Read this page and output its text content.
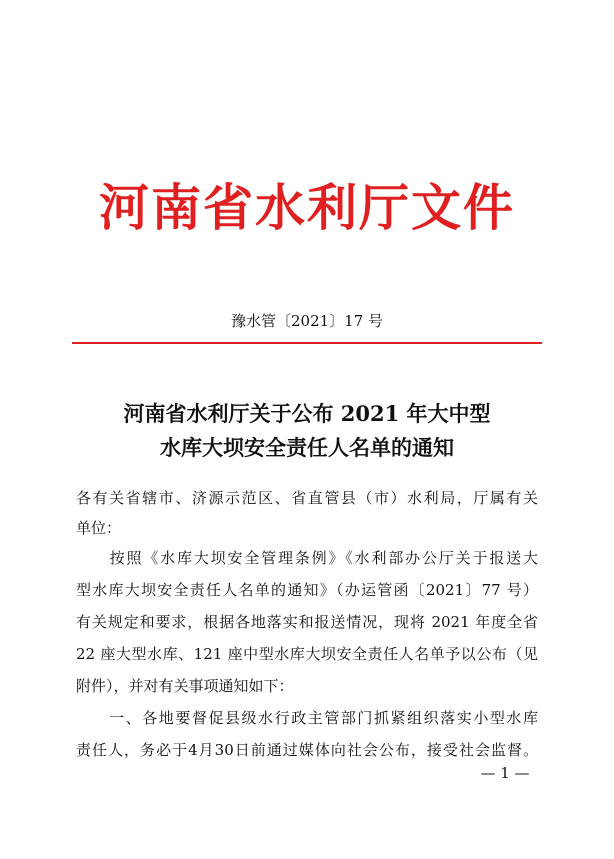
河南省水利厅文件
豫水管〔2021〕17 号
河南省水利厅关于公布 2021 年大中型
水库大坝安全责任人名单的通知
各有关省辖市、济源示范区、省直管县（市）水利局，厅属有关
单位：
　　按照《水库大坝安全管理条例》《水利部办公厅关于报送大
型水库大坝安全责任人名单的通知》（办运管函〔2021〕77 号）
有关规定和要求，根据各地落实和报送情况，现将 2021 年度全省
22 座大型水库、121 座中型水库大坝安全责任人名单予以公布（见
附件），并对有关事项通知如下：
　　一、各地要督促县级水行政主管部门抓紧组织落实小型水库
责任人，务必于4月30日前通过媒体向社会公布，接受社会监督。
— 1 —
